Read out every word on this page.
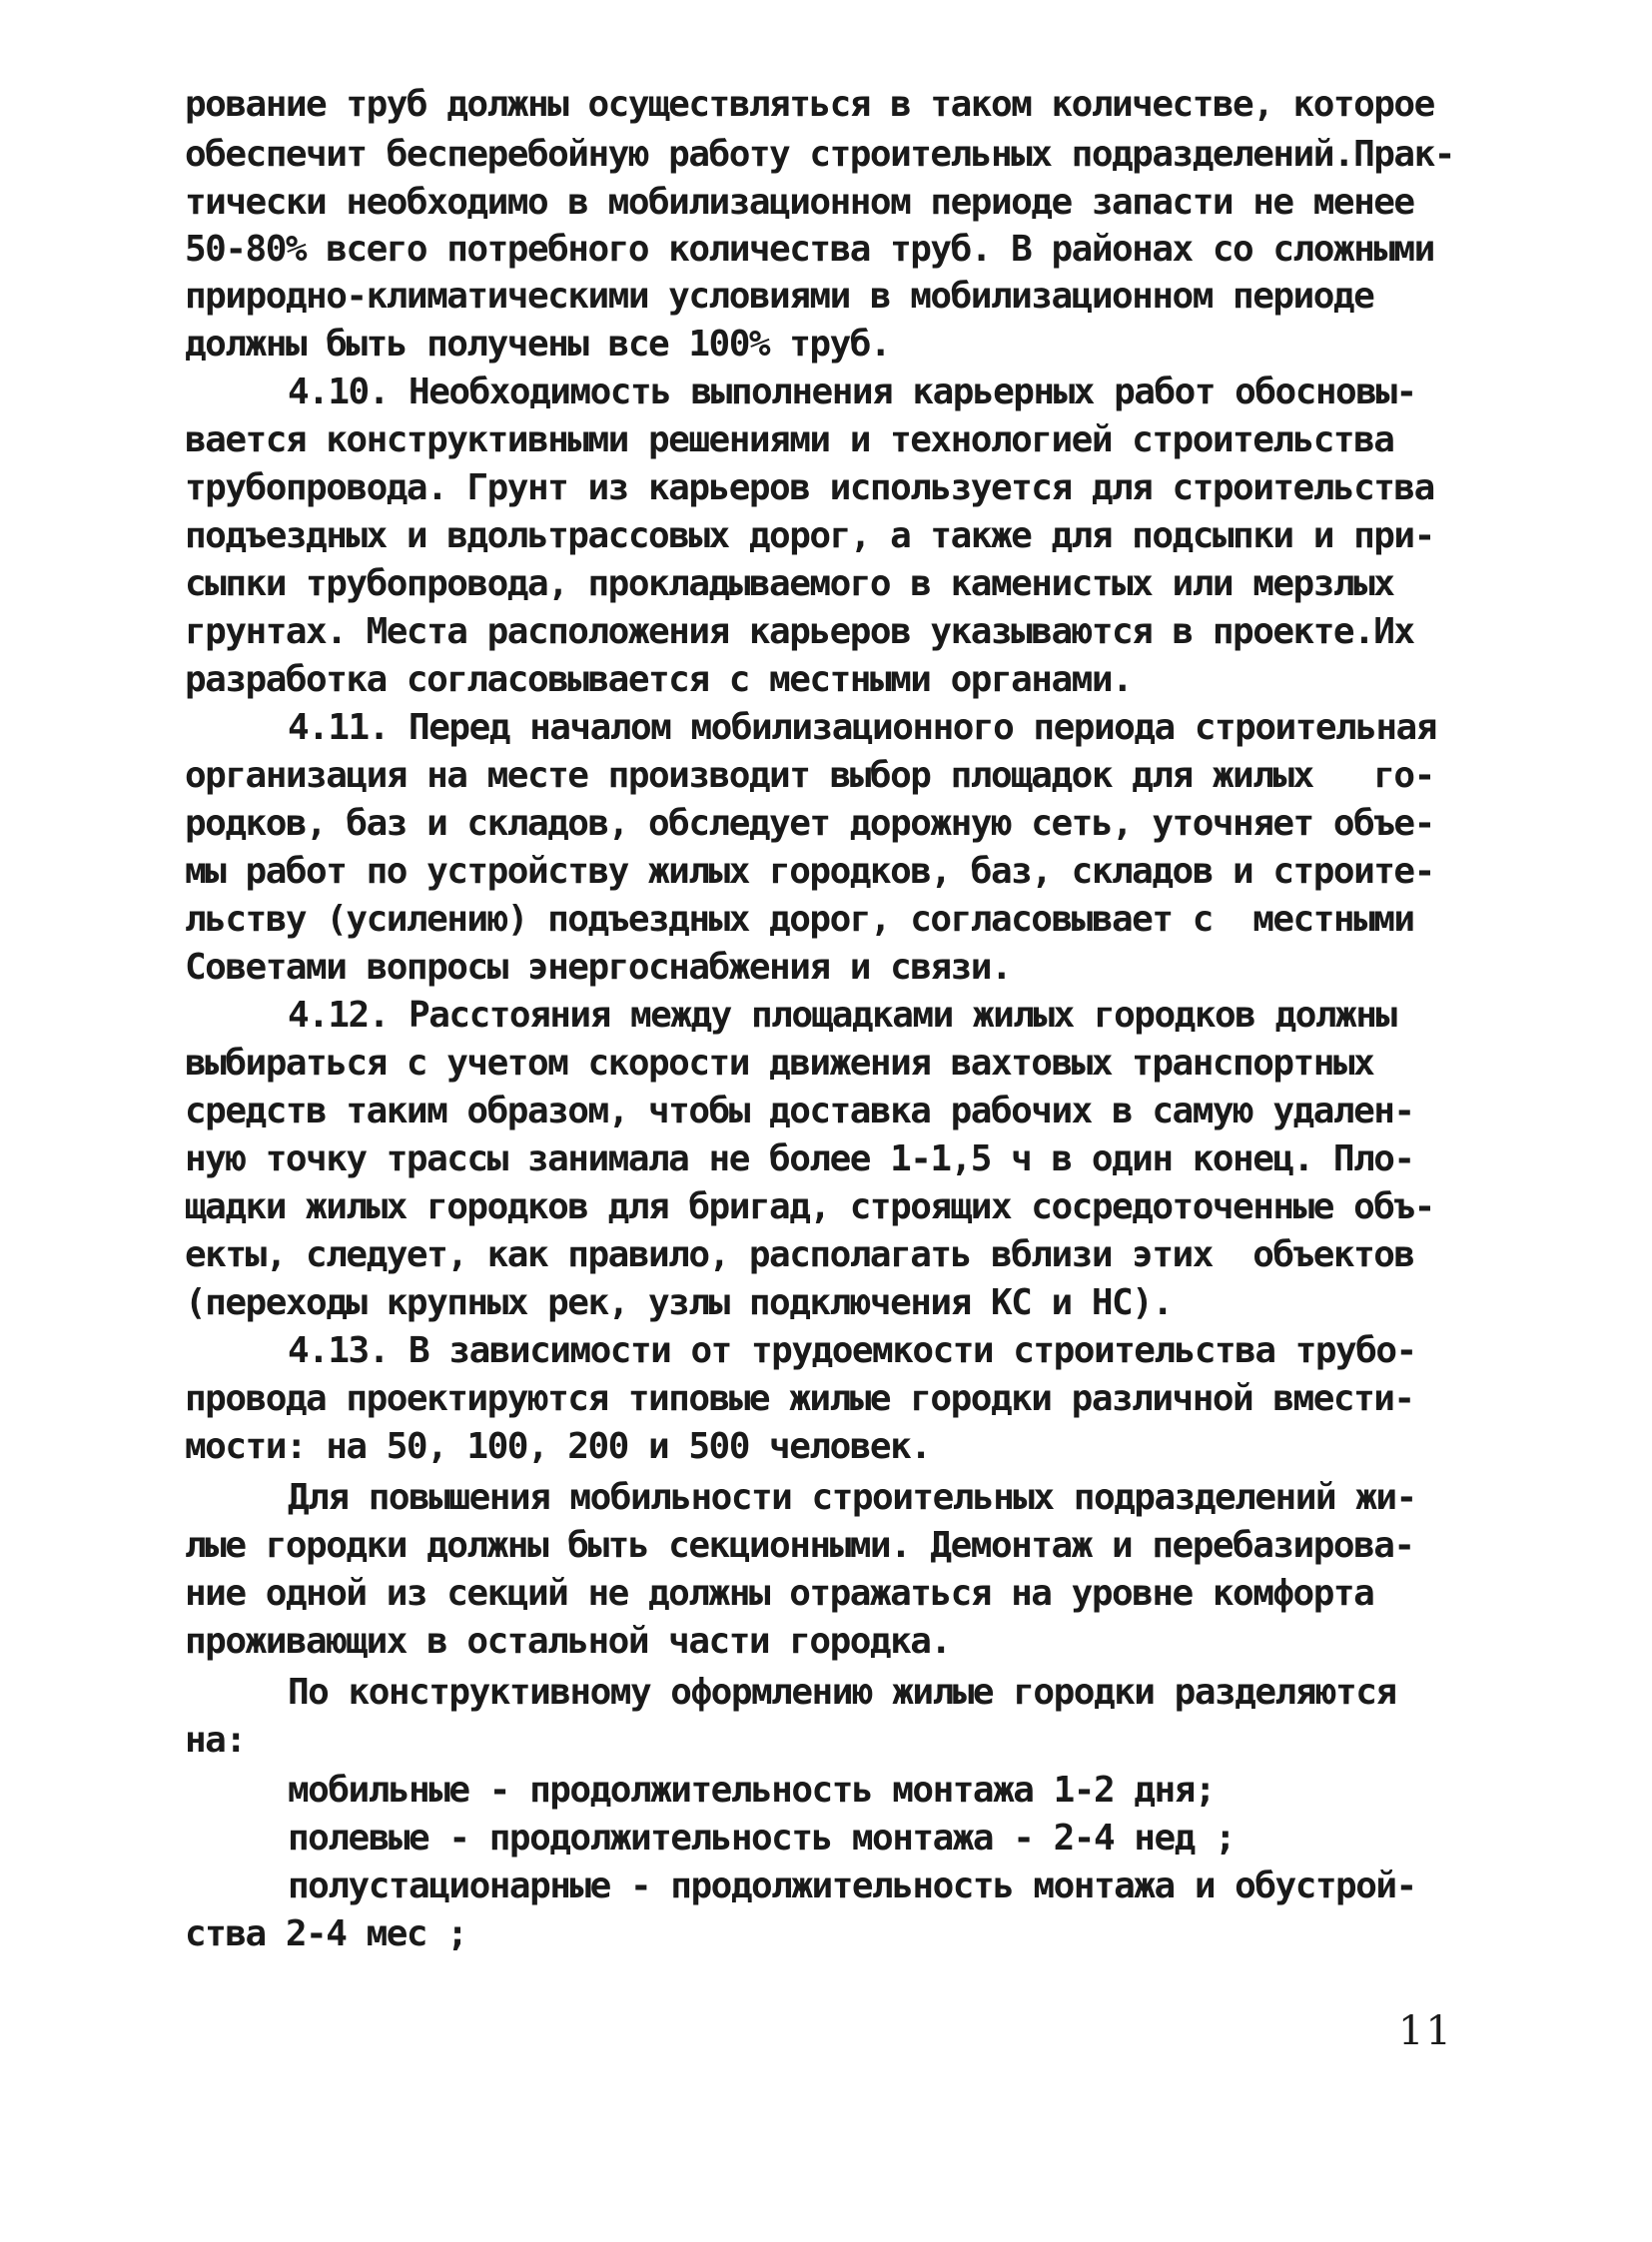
рование труб должны осуществляться в таком количестве, которое
обеспечит бесперебойную работу строительных подразделений.Прак-
тически необходимо в мобилизационном периоде запасти не менее
50-80% всего потребного количества труб. В районах со сложными
природно-климатическими условиями в мобилизационном периоде
должны быть получены все 100% труб.
4.10. Необходимость выполнения карьерных работ обосновы-
вается конструктивными решениями и технологией строительства
трубопровода. Грунт из карьеров используется для строительства
подъездных и вдольтрассовых дорог, а также для подсыпки и при-
сыпки трубопровода, прокладываемого в каменистых или мерзлых
грунтах. Места расположения карьеров указываются в проекте.Их
разработка согласовывается с местными органами.
4.11. Перед началом мобилизационного периода строительная
организация на месте производит выбор площадок для жилых   го-
родков, баз и складов, обследует дорожную сеть, уточняет объе-
мы работ по устройству жилых городков, баз, складов и строите-
льству (усилению) подъездных дорог, согласовывает с  местными
Советами вопросы энергоснабжения и связи.
4.12. Расстояния между площадками жилых городков должны
выбираться с учетом скорости движения вахтовых транспортных
средств таким образом, чтобы доставка рабочих в самую удален-
ную точку трассы занимала не более 1-1,5 ч в один конец. Пло-
щадки жилых городков для бригад, строящих сосредоточенные объ-
екты, следует, как правило, располагать вблизи этих  объектов
(переходы крупных рек, узлы подключения КС и НС).
4.13. В зависимости от трудоемкости строительства трубо-
провода проектируются типовые жилые городки различной вмести-
мости: на 50, 100, 200 и 500 человек.
Для повышения мобильности строительных подразделений жи-
лые городки должны быть секционными. Демонтаж и перебазирова-
ние одной из секций не должны отражаться на уровне комфорта
проживающих в остальной части городка.
По конструктивному оформлению жилые городки разделяются
на:
мобильные - продолжительность монтажа 1-2 дня;
полевые - продолжительность монтажа - 2-4 нед ;
полустационарные - продолжительность монтажа и обустрой-
ства 2-4 мес ;
11
